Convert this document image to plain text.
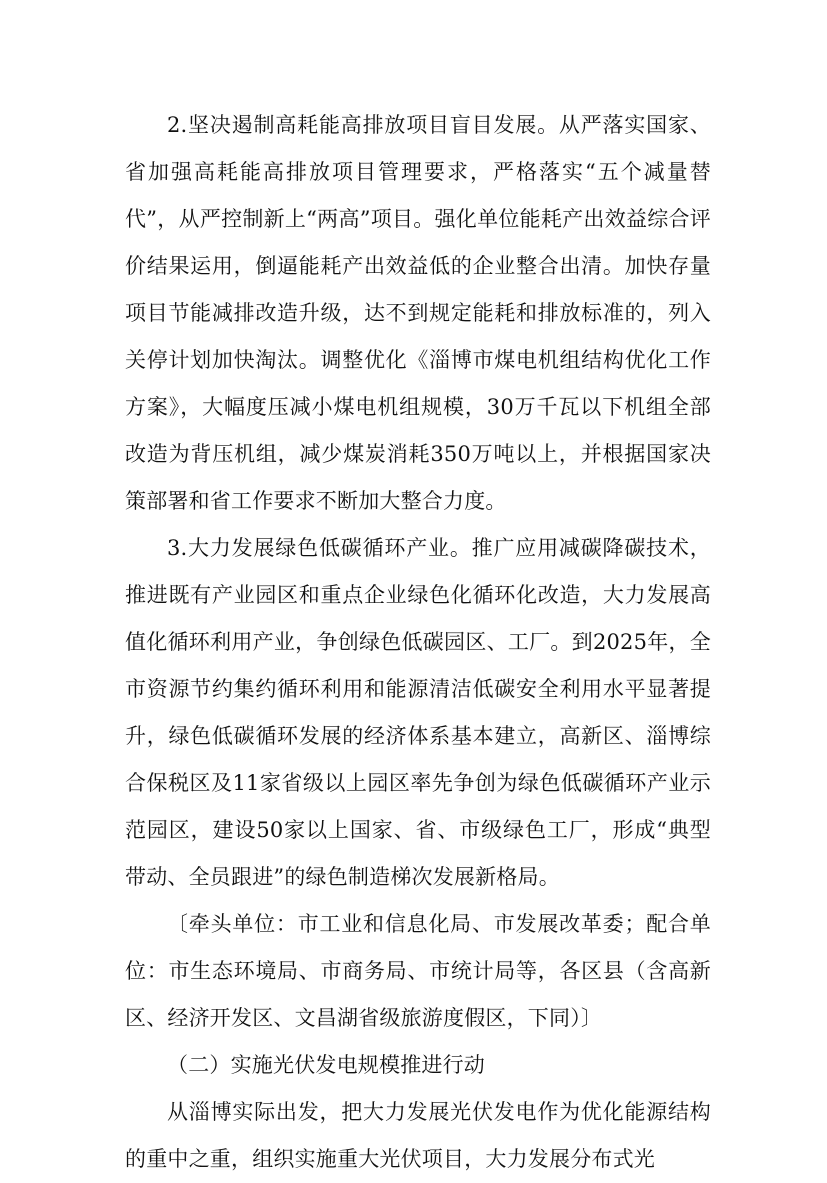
2.坚决遏制高耗能高排放项目盲目发展。从严落实国家、省加强高耗能高排放项目管理要求，严格落实“五个减量替代”，从严控制新上“两高”项目。强化单位能耗产出效益综合评价结果运用，倒逼能耗产出效益低的企业整合出清。加快存量项目节能减排改造升级，达不到规定能耗和排放标准的，列入关停计划加快淘汰。调整优化《淄博市煤电机组结构优化工作方案》，大幅度压减小煤电机组规模，30万千瓦以下机组全部改造为背压机组，减少煤炭消耗350万吨以上，并根据国家决策部署和省工作要求不断加大整合力度。

3.大力发展绿色低碳循环产业。推广应用减碳降碳技术，推进既有产业园区和重点企业绿色化循环化改造，大力发展高值化循环利用产业，争创绿色低碳园区、工厂。到2025年，全市资源节约集约循环利用和能源清洁低碳安全利用水平显著提升，绿色低碳循环发展的经济体系基本建立，高新区、淄博综合保税区及11家省级以上园区率先争创为绿色低碳循环产业示范园区，建设50家以上国家、省、市级绿色工厂，形成“典型带动、全员跟进”的绿色制造梯次发展新格局。

〔牵头单位：市工业和信息化局、市发展改革委；配合单位：市生态环境局、市商务局、市统计局等，各区县（含高新区、经济开发区、文昌湖省级旅游度假区，下同）〕

（二）实施光伏发电规模推进行动

从淄博实际出发，把大力发展光伏发电作为优化能源结构的重中之重，组织实施重大光伏项目，大力发展分布式光
